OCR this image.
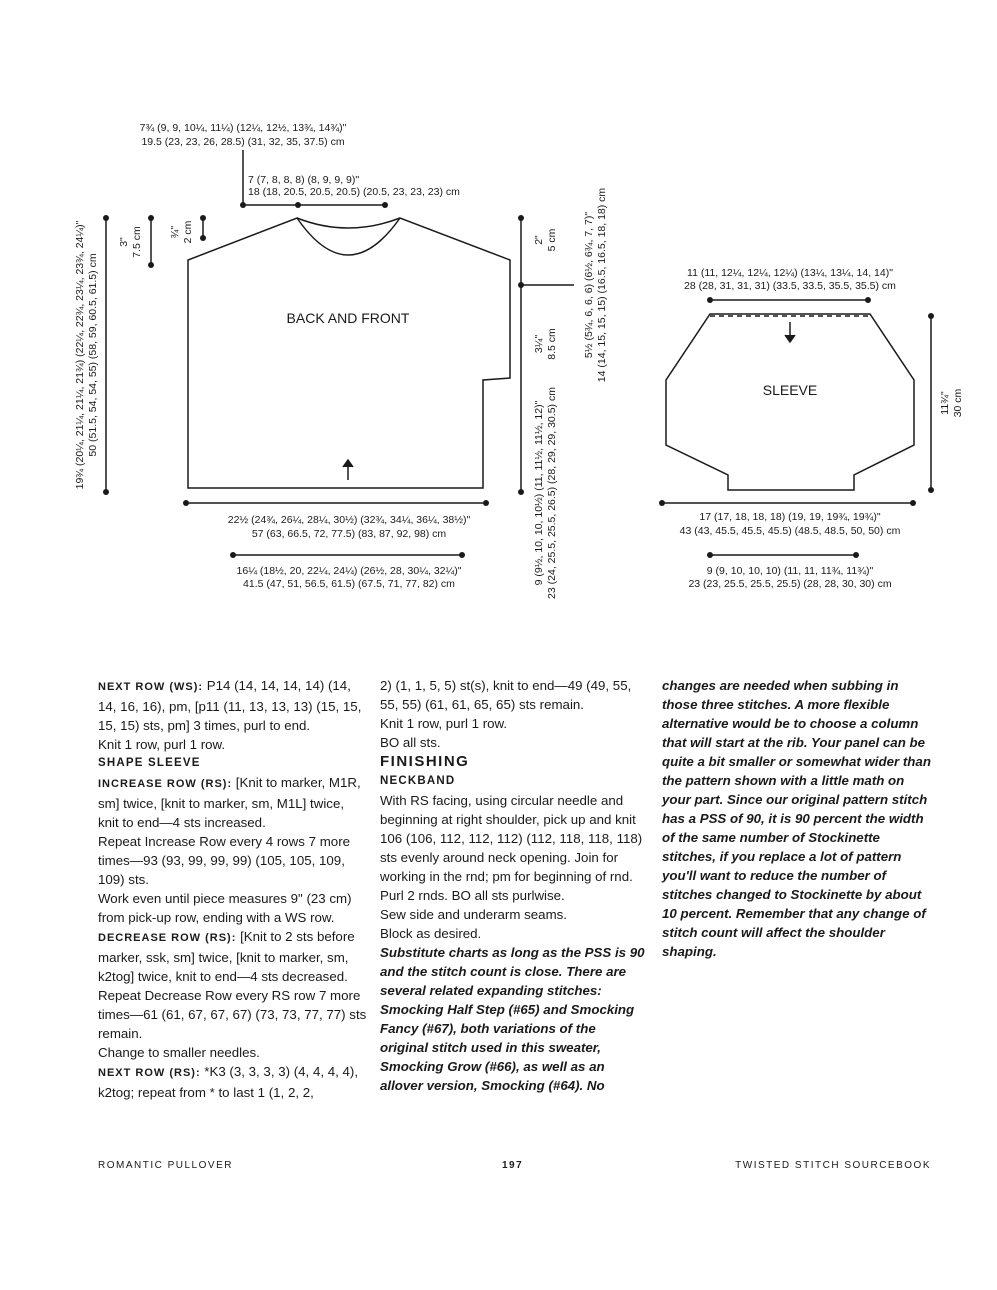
BACK AND FRONT
7¾ (9, 9, 10¼, 11¼) (12¼, 12½, 13¾, 14¾)"
19.5 (23, 23, 26, 28.5) (31, 32, 35, 37.5) cm
7 (7, 8, 8, 8) (8, 9, 9, 9)"
18 (18, 20.5, 20.5, 20.5) (20.5, 23, 23, 23) cm
19¾ (20¼, 21¼, 21¼, 21¾) (22¼, 22¾, 23¼, 23¾, 24¼)" 50 (51.5, 54, 54, 55) (58, 59, 60.5, 61.5) cm
3" 7.5 cm ¾" 2 cm	2" 5 cm 5½ (5¾, 6, 6, 6) (6½, 6¾, 7, 7)" 14 (14, 15, 15, 15) (16.5, 16.5, 18, 18) cm
3¼" 8.5 cm
9 (9½, 10, 10, 10½) (11, 11½, 11½, 12)" 23 (24, 25.5, 25.5, 26.5) (28, 29, 29, 30.5) cm
22½ (24¾, 26¼, 28¼, 30½) (32¾, 34¼, 36¼, 38½)"
57 (63, 66.5, 72, 77.5) (83, 87, 92, 98) cm
16¼ (18½, 20, 22¼, 24¼) (26½, 28, 30¼, 32¼)"
41.5 (47, 51, 56.5, 61.5) (67.5, 71, 77, 82) cm
SLEEVE
11 (11, 12¼, 12¼, 12¼) (13¼, 13¼, 14, 14)"
28 (28, 31, 31, 31) (33.5, 33.5, 35.5, 35.5) cm
11¾" 30 cm
17 (17, 18, 18, 18) (19, 19, 19¾, 19¾)"
43 (43, 45.5, 45.5, 45.5) (48.5, 48.5, 50, 50) cm
9 (9, 10, 10, 10) (11, 11, 11¾, 11¾)"
23 (23, 25.5, 25.5, 25.5) (28, 28, 30, 30) cm

NEXT ROW (WS): P14 (14, 14, 14, 14) (14, 14, 16, 16), pm, [p11 (11, 13, 13, 13) (15, 15, 15, 15) sts, pm] 3 times, purl to end.

Knit 1 row, purl 1 row.

SHAPE SLEEVE

INCREASE ROW (RS): [Knit to marker, M1R, sm] twice, [knit to marker, sm, M1L] twice, knit to end—4 sts increased.

Repeat Increase Row every 4 rows 7 more times—93 (93, 99, 99, 99) (105, 105, 109, 109) sts.

Work even until piece measures 9" (23 cm) from pick-up row, ending with a WS row.

DECREASE ROW (RS): [Knit to 2 sts before marker, ssk, sm] twice, [knit to marker, sm, k2tog] twice, knit to end—4 sts decreased.

Repeat Decrease Row every RS row 7 more times—61 (61, 67, 67, 67) (73, 73, 77, 77) sts remain.

Change to smaller needles.

NEXT ROW (RS): *K3 (3, 3, 3, 3) (4, 4, 4, 4), k2tog; repeat from * to last 1 (1, 2, 2,

2) (1, 1, 5, 5) st(s), knit to end—49 (49, 55, 55, 55) (61, 61, 65, 65) sts remain.

Knit 1 row, purl 1 row.

BO all sts.

FINISHING

NECKBAND

With RS facing, using circular needle and beginning at right shoulder, pick up and knit 106 (106, 112, 112, 112) (112, 118, 118, 118) sts evenly around neck opening. Join for working in the rnd; pm for beginning of rnd. Purl 2 rnds. BO all sts purlwise.

Sew side and underarm seams.

Block as desired.

Substitute charts as long as the PSS is 90 and the stitch count is close. There are several related expanding stitches: Smocking Half Step (#65) and Smocking Fancy (#67), both variations of the original stitch used in this sweater, Smocking Grow (#66), as well as an allover version, Smocking (#64). No

changes are needed when subbing in those three stitches. A more flexible alternative would be to choose a column that will start at the rib. Your panel can be quite a bit smaller or somewhat wider than the pattern shown with a little math on your part. Since our original pattern stitch has a PSS of 90, it is 90 percent the width of the same number of Stockinette stitches, if you replace a lot of pattern you'll want to reduce the number of stitches changed to Stockinette by about 10 percent. Remember that any change of stitch count will affect the shoulder shaping.

ROMANTIC PULLOVER	197	TWISTED STITCH SOURCEBOOK
